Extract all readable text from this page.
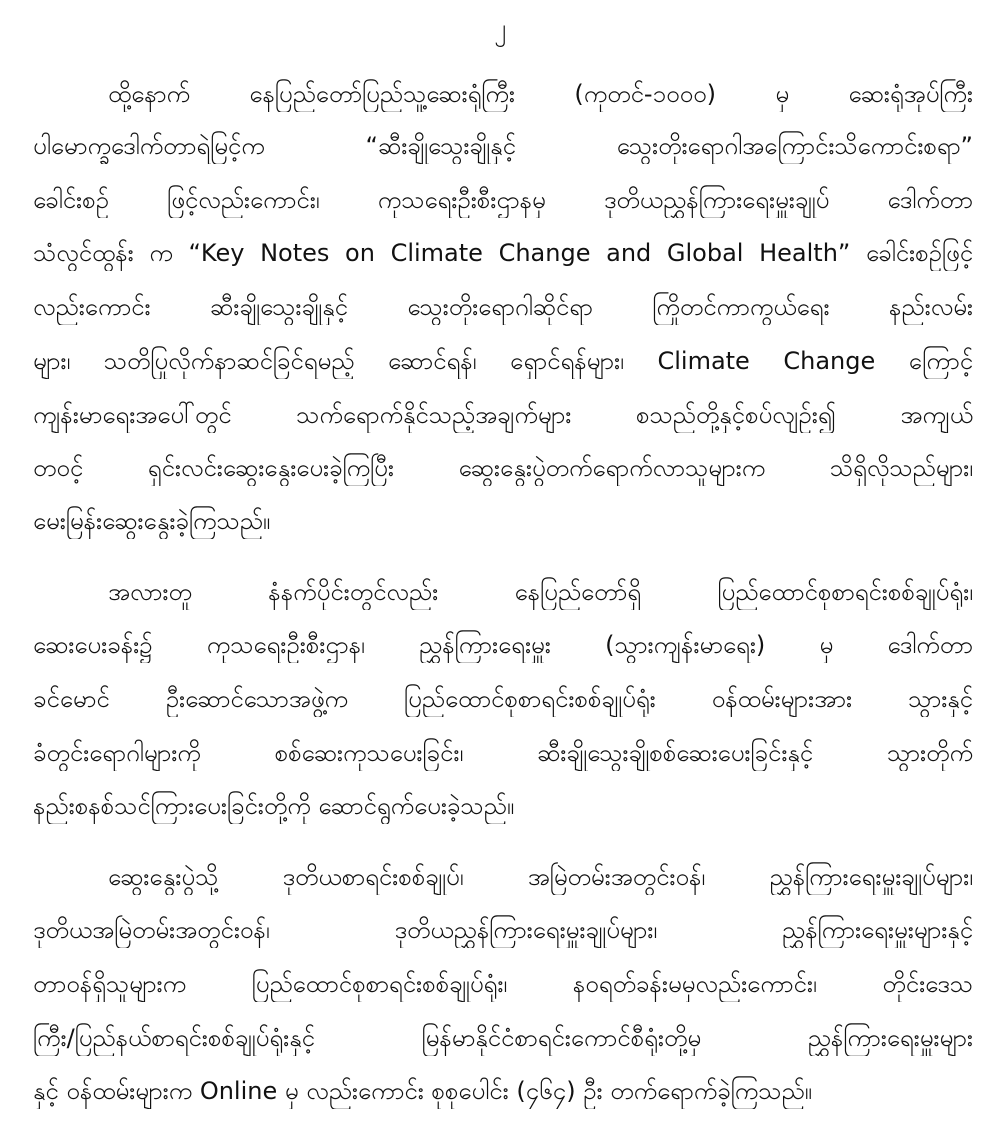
၂
ထို့နောက် နေပြည်တော်ပြည်သူ့ဆေးရုံကြီး (ကုတင်-၁၀၀၀) မှ ဆေးရုံအုပ်ကြီး
ပါမောက္ခဒေါက်တာရဲမြင့်က “ဆီးချိုသွေးချိုနှင့် သွေးတိုးရောဂါအကြောင်းသိကောင်းစရာ”
ခေါင်းစဉ် ဖြင့်လည်းကောင်း၊ ကုသရေးဦးစီးဌာနမှ ဒုတိယညွှန်ကြားရေးမှူးချုပ် ဒေါက်တာ
သံလွင်ထွန်း က “Key Notes on Climate Change and Global Health” ခေါင်းစဉ်ဖြင့်
လည်းကောင်း ဆီးချိုသွေးချိုနှင့် သွေးတိုးရောဂါဆိုင်ရာ ကြိုတင်ကာကွယ်ရေး နည်းလမ်း
များ၊ သတိပြုလိုက်နာဆင်ခြင်ရမည့် ဆောင်ရန်၊ ရှောင်ရန်များ၊ Climate Change ကြောင့်
ကျန်းမာရေးအပေါ်တွင် သက်ရောက်နိုင်သည့်အချက်များ စသည်တို့နှင့်စပ်လျဉ်း၍ အကျယ်
တဝင့် ရှင်းလင်းဆွေးနွေးပေးခဲ့ကြပြီး ဆွေးနွေးပွဲတက်ရောက်လာသူများက သိရှိလိုသည်များ၊
မေးမြန်းဆွေးနွေးခဲ့ကြသည်။
အလားတူ နံနက်ပိုင်းတွင်လည်း နေပြည်တော်ရှိ ပြည်ထောင်စုစာရင်းစစ်ချုပ်ရုံး၊
ဆေးပေးခန်း၌ ကုသရေးဦးစီးဌာန၊ ညွှန်ကြားရေးမှူး (သွားကျန်းမာရေး) မှ ဒေါက်တာ
ခင်မောင် ဦးဆောင်သောအဖွဲ့က ပြည်ထောင်စုစာရင်းစစ်ချုပ်ရုံး ဝန်ထမ်းများအား သွားနှင့်
ခံတွင်းရောဂါများကို စစ်ဆေးကုသပေးခြင်း၊ ဆီးချိုသွေးချိုစစ်ဆေးပေးခြင်းနှင့် သွားတိုက်
နည်းစနစ်သင်ကြားပေးခြင်းတို့ကို ဆောင်ရွက်ပေးခဲ့သည်။
ဆွေးနွေးပွဲသို့ ဒုတိယစာရင်းစစ်ချုပ်၊ အမြဲတမ်းအတွင်းဝန်၊ ညွှန်ကြားရေးမှူးချုပ်များ၊
ဒုတိယအမြဲတမ်းအတွင်းဝန်၊ ဒုတိယညွှန်ကြားရေးမှူးချုပ်များ၊ ညွှန်ကြားရေးမှူးများနှင့်
တာဝန်ရှိသူများက ပြည်ထောင်စုစာရင်းစစ်ချုပ်ရုံး၊ နဝရတ်ခန်းမမှလည်းကောင်း၊ တိုင်းဒေသ
ကြီး/ပြည်နယ်စာရင်းစစ်ချုပ်ရုံးနှင့် မြန်မာနိုင်ငံစာရင်းကောင်စီရုံးတို့မှ ညွှန်ကြားရေးမှူးများ
နှင့် ဝန်ထမ်းများက Online မှ လည်းကောင်း စုစုပေါင်း (၄၆၄) ဦး တက်ရောက်ခဲ့ကြသည်။
